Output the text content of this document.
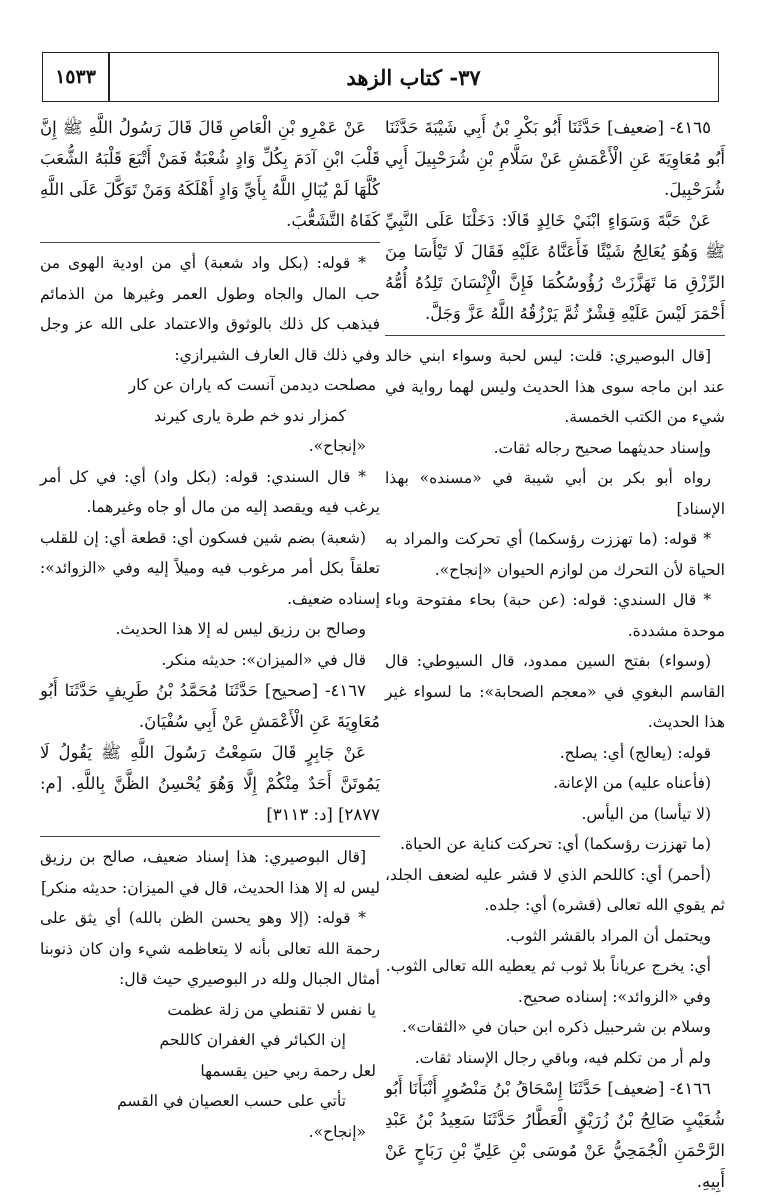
١٥٣٣	٣٧- كتاب الزهد

٤١٦٥- [ضعيف] حَدَّثَنَا أَبُو بَكْرِ بْنُ أَبِي شَيْبَةَ حَدَّثَنَا أَبُو مُعَاوِيَةَ عَنِ الْأَعْمَشِ عَنْ سَلَّامِ بْنِ شُرَحْبِيلَ أَبِي شُرَحْبِيلَ.

عَنْ حَبَّةَ وَسَوَاءٍ ابْنَيْ خَالِدٍ قَالَا: دَخَلْنَا عَلَى النَّبِيِّ ﷺ وَهُوَ يُعَالِجُ شَيْئًا فَأَعَنَّاهُ عَلَيْهِ فَقَالَ لَا تَيْأَسَا مِنَ الرِّزْقِ مَا تَهَزَّزَتْ رُؤُوسُكُمَا فَإِنَّ الْإِنْسَانَ تَلِدُهُ أُمُّهُ أَحْمَرَ لَيْسَ عَلَيْهِ قِشْرٌ ثُمَّ يَرْزُقُهُ اللَّهُ عَزَّ وَجَلَّ.

[قال البوصيري: قلت: ليس لحبة وسواء ابني خالد عند ابن ماجه سوى هذا الحديث وليس لهما رواية في شيء من الكتب الخمسة.

وإسناد حديثهما صحيح رجاله ثقات.

رواه أبو بكر بن أبي شيبة في «مسنده» بهذا الإسناد]

* قوله: (ما تهززت رؤسكما) أي تحركت والمراد به الحياة لأن التحرك من لوازم الحيوان «إنجاح».

* قال السندي: قوله: (عن حبة) بحاء مفتوحة وباء موحدة مشددة.

(وسواء) بفتح السين ممدود، قال السيوطي: قال القاسم البغوي في «معجم الصحابة»: ما لسواء غير هذا الحديث.

قوله: (يعالج) أي: يصلح.

(فأعناه عليه) من الإعانة.

(لا تيأسا) من اليأس.

(ما تهززت رؤسكما) أي: تحركت كناية عن الحياة.

(أحمر) أي: كاللحم الذي لا قشر عليه لضعف الجلد، ثم يقوي الله تعالى (قشره) أي: جلده.

ويحتمل أن المراد بالقشر الثوب.

أي: يخرج عرياناً بلا ثوب ثم يعطيه الله تعالى الثوب.

وفي «الزوائد»: إسناده صحيح.

وسلام بن شرحبيل ذكره ابن حبان في «الثقات».

ولم أر من تكلم فيه، وباقي رجال الإسناد ثقات.

٤١٦٦- [ضعيف] حَدَّثَنَا إِسْحَاقُ بْنُ مَنْصُورٍ أَنْبَأَنَا أَبُو شُعَيْبٍ صَالِحُ بْنُ زُرَيْقٍ الْعَطَّارُ حَدَّثَنَا سَعِيدُ بْنُ عَبْدِ الرَّحْمَنِ الْجُمَحِيُّ عَنْ مُوسَى بْنِ عَلِيِّ بْنِ رَبَاحٍ عَنْ أَبِيهِ.

عَنْ عَمْرِو بْنِ الْعَاصِ قَالَ قَالَ رَسُولُ اللَّهِ ﷺ إِنَّ قَلْبَ ابْنِ آدَمَ بِكُلِّ وَادٍ شُعْبَةٌ فَمَنْ أَتْبَعَ قَلْبَهُ الشُّعَبَ كُلَّهَا لَمْ يُبَالِ اللَّهُ بِأَيِّ وَادٍ أَهْلَكَهُ وَمَنْ تَوَكَّلَ عَلَى اللَّهِ كَفَاهُ التَّشَعُّبَ.

* قوله: (بكل واد شعبة) أي من اودية الهوى من حب المال والجاه وطول العمر وغيرها من الذمائم فيذهب كل ذلك بالوثوق والاعتماد على الله عز وجل وفي ذلك قال العارف الشيرازي:

مصلحت ديدمن آنست كه ياران عن كار

كمزار ندو خم طرة يارى كيرند

«إنجاح».

* قال السندي: قوله: (بكل واد) أي: في كل أمر يرغب فيه ويقصد إليه من مال أو جاه وغيرهما.

(شعبة) بضم شين فسكون أي: قطعة أي: إن للقلب تعلقاً بكل أمر مرغوب فيه وميلاً إليه وفي «الزوائد»: إسناده ضعيف.

وصالح بن رزيق ليس له إلا هذا الحديث.

قال في «الميزان»: حديثه منكر.

٤١٦٧- [صحيح] حَدَّثَنَا مُحَمَّدُ بْنُ طَرِيفٍ حَدَّثَنَا أَبُو مُعَاوِيَةَ عَنِ الْأَعْمَشِ عَنْ أَبِي سُفْيَانَ.

عَنْ جَابِرٍ قَالَ سَمِعْتُ رَسُولَ اللَّهِ ﷺ يَقُولُ لَا يَمُوتَنَّ أَحَدٌ مِنْكُمْ إِلَّا وَهُوَ يُحْسِنُ الظَّنَّ بِاللَّهِ. [م: ٢٨٧٧] [د: ٣١١٣]

[قال البوصيري: هذا إسناد ضعيف، صالح بن رزيق ليس له إلا هذا الحديث، قال في الميزان: حديثه منكر]

* قوله: (إلا وهو يحسن الظن بالله) أي يثق على رحمة الله تعالى بأنه لا يتعاظمه شيء وان كان ذنوبنا أمثال الجبال ولله در البوصيري حيث قال:

يا نفس لا تقنطي من زلة عظمت

إن الكبائر في الغفران كاللحم

لعل رحمة ربي حين يقسمها

تأتي على حسب العصيان في القسم

«إنجاح».
